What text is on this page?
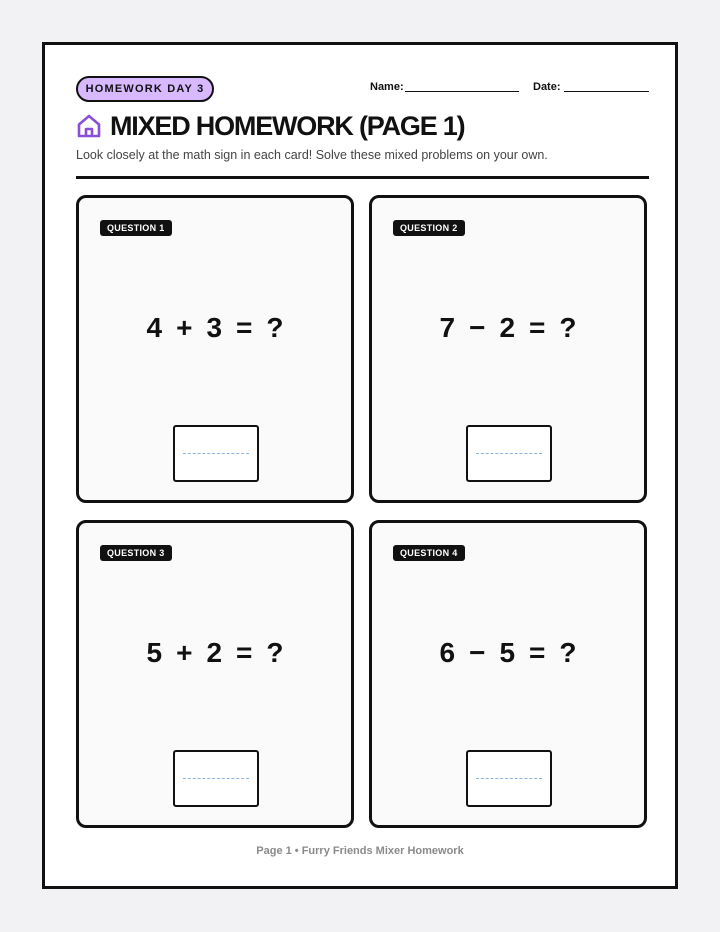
HOMEWORK DAY 3	Name:	Date:
MIXED HOMEWORK (PAGE 1)
Look closely at the math sign in each card! Solve these mixed problems on your own.
QUESTION 1
4 + 3 = ?
QUESTION 2
7 − 2 = ?
QUESTION 3
5 + 2 = ?
QUESTION 4
6 − 5 = ?
Page 1 • Furry Friends Mixer Homework
